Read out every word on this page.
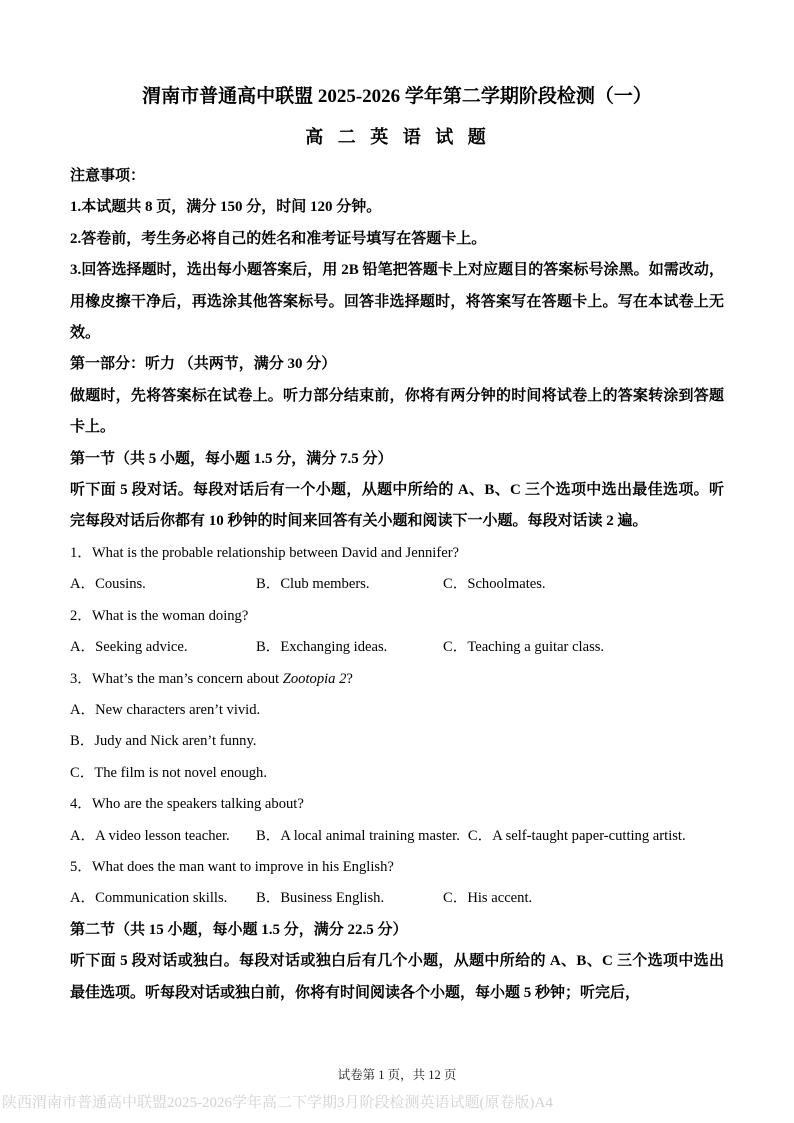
渭南市普通高中联盟 2025-2026 学年第二学期阶段检测（一）
高 二 英 语 试 题
注意事项：

1.本试题共 8 页，满分 150 分，时间 120 分钟。

2.答卷前，考生务必将自己的姓名和准考证号填写在答题卡上。

3.回答选择题时，选出每小题答案后，用 2B 铅笔把答题卡上对应题目的答案标号涂黑。如需改动，用橡皮擦干净后，再选涂其他答案标号。回答非选择题时，将答案写在答题卡上。写在本试卷上无效。

第一部分：听力 （共两节，满分 30 分）

做题时，先将答案标在试卷上。听力部分结束前，你将有两分钟的时间将试卷上的答案转涂到答题卡上。

第一节（共 5 小题，每小题 1.5 分，满分 7.5 分）

听下面 5 段对话。每段对话后有一个小题，从题中所给的 A、B、C 三个选项中选出最佳选项。听完每段对话后你都有 10 秒钟的时间来回答有关小题和阅读下一小题。每段对话读 2 遍。

1．What is the probable relationship between David and Jennifer?
A．Cousins.	B．Club members.	C．Schoolmates.
2．What is the woman doing?
A．Seeking advice.	B．Exchanging ideas.	C．Teaching a guitar class.
3．What’s the man’s concern about Zootopia 2?
A．New characters aren’t vivid.
B．Judy and Nick aren’t funny.
C．The film is not novel enough.
4．Who are the speakers talking about?
A．A video lesson teacher.	B．A local animal training master. C．A self-taught paper-cutting artist.
5．What does the man want to improve in his English?
A．Communication skills.	B．Business English.	C．His accent.
第二节（共 15 小题，每小题 1.5 分，满分 22.5 分）

听下面 5 段对话或独白。每段对话或独白后有几个小题，从题中所给的 A、B、C 三个选项中选出最佳选项。听每段对话或独白前，你将有时间阅读各个小题，每小题 5 秒钟；听完后，

试卷第 1 页，共 12 页
陕西渭南市普通高中联盟2025-2026学年高二下学期3月阶段检测英语试题(原卷版)A4
